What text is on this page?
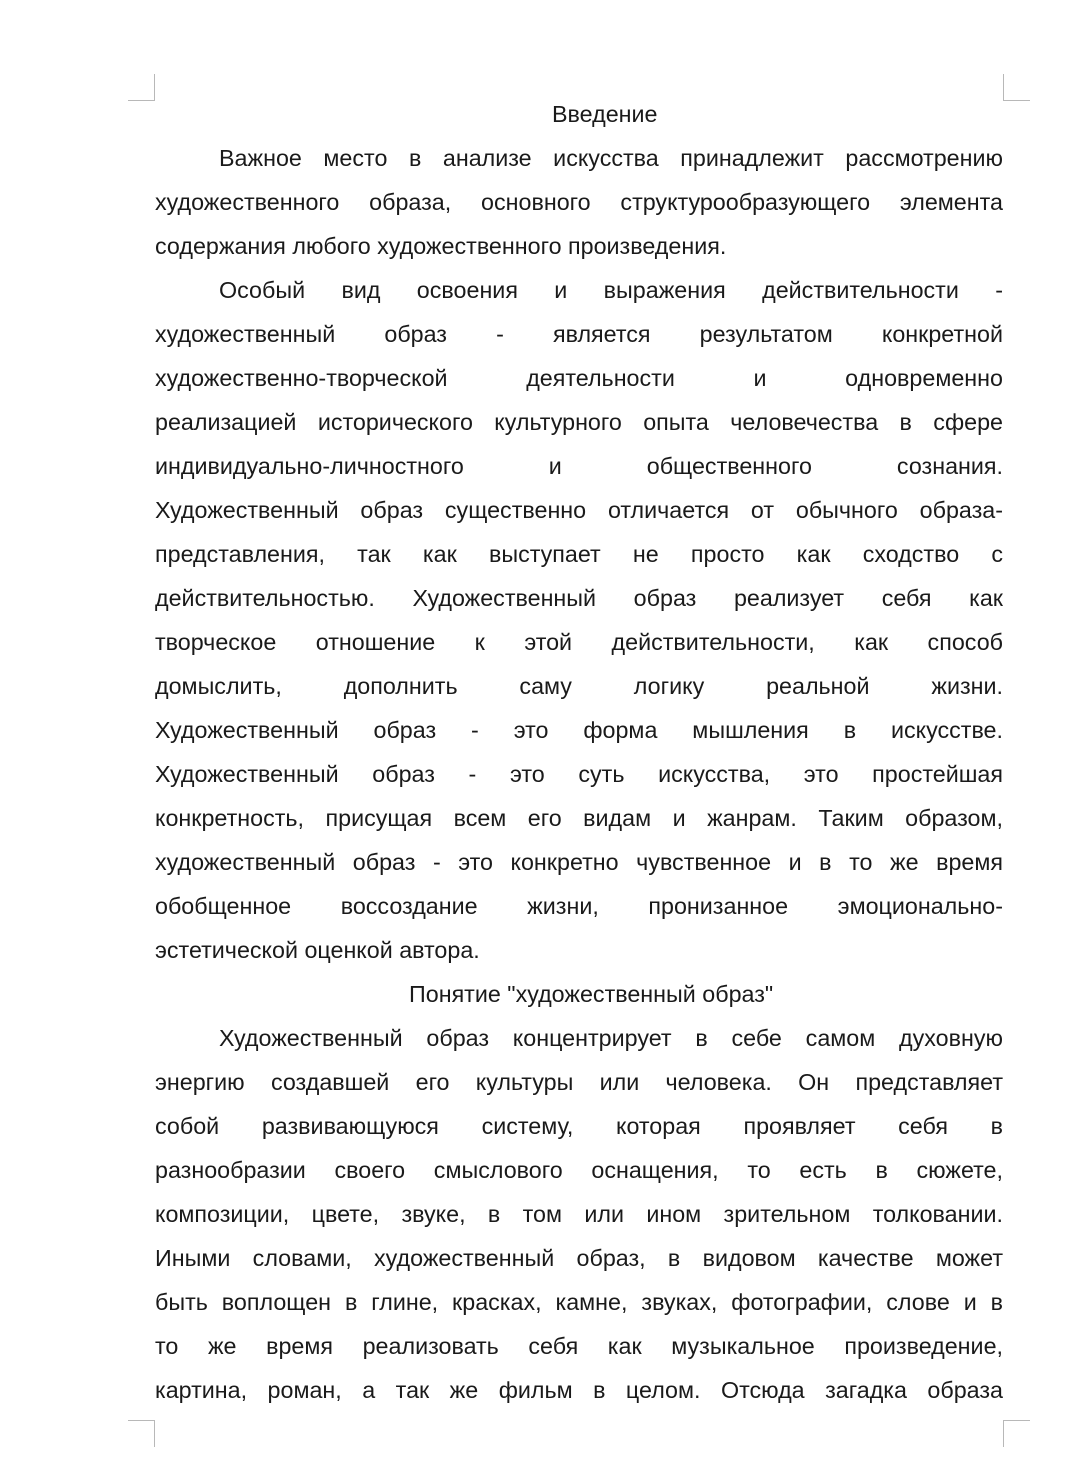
Введение
Важное место в анализе искусства принадлежит рассмотрению
художественного образа, основного структурообразующего элемента
содержания любого художественного произведения.
Особый вид освоения и выражения действительности -
художественный образ - является результатом конкретной
художественно-творческой деятельности и одновременно
реализацией исторического культурного опыта человечества в сфере
индивидуально-личностного и общественного сознания.
Художественный образ существенно отличается от обычного образа-
представления, так как выступает не просто как сходство с
действительностью. Художественный образ реализует себя как
творческое отношение к этой действительности, как способ
домыслить, дополнить саму логику реальной жизни.
Художественный образ - это форма мышления в искусстве.
Художественный образ - это суть искусства, это простейшая
конкретность, присущая всем его видам и жанрам. Таким образом,
художественный образ - это конкретно чувственное и в то же время
обобщенное воссоздание жизни, пронизанное эмоционально-
эстетической оценкой автора.
Понятие "художественный образ"
Художественный образ концентрирует в себе самом духовную
энергию создавшей его культуры или человека. Он представляет
собой развивающуюся систему, которая проявляет себя в
разнообразии своего смыслового оснащения, то есть в сюжете,
композиции, цвете, звуке, в том или ином зрительном толковании.
Иными словами, художественный образ, в видовом качестве может
быть воплощен в глине, красках, камне, звуках, фотографии, слове и в
то же время реализовать себя как музыкальное произведение,
картина, роман, а так же фильм в целом. Отсюда загадка образа
